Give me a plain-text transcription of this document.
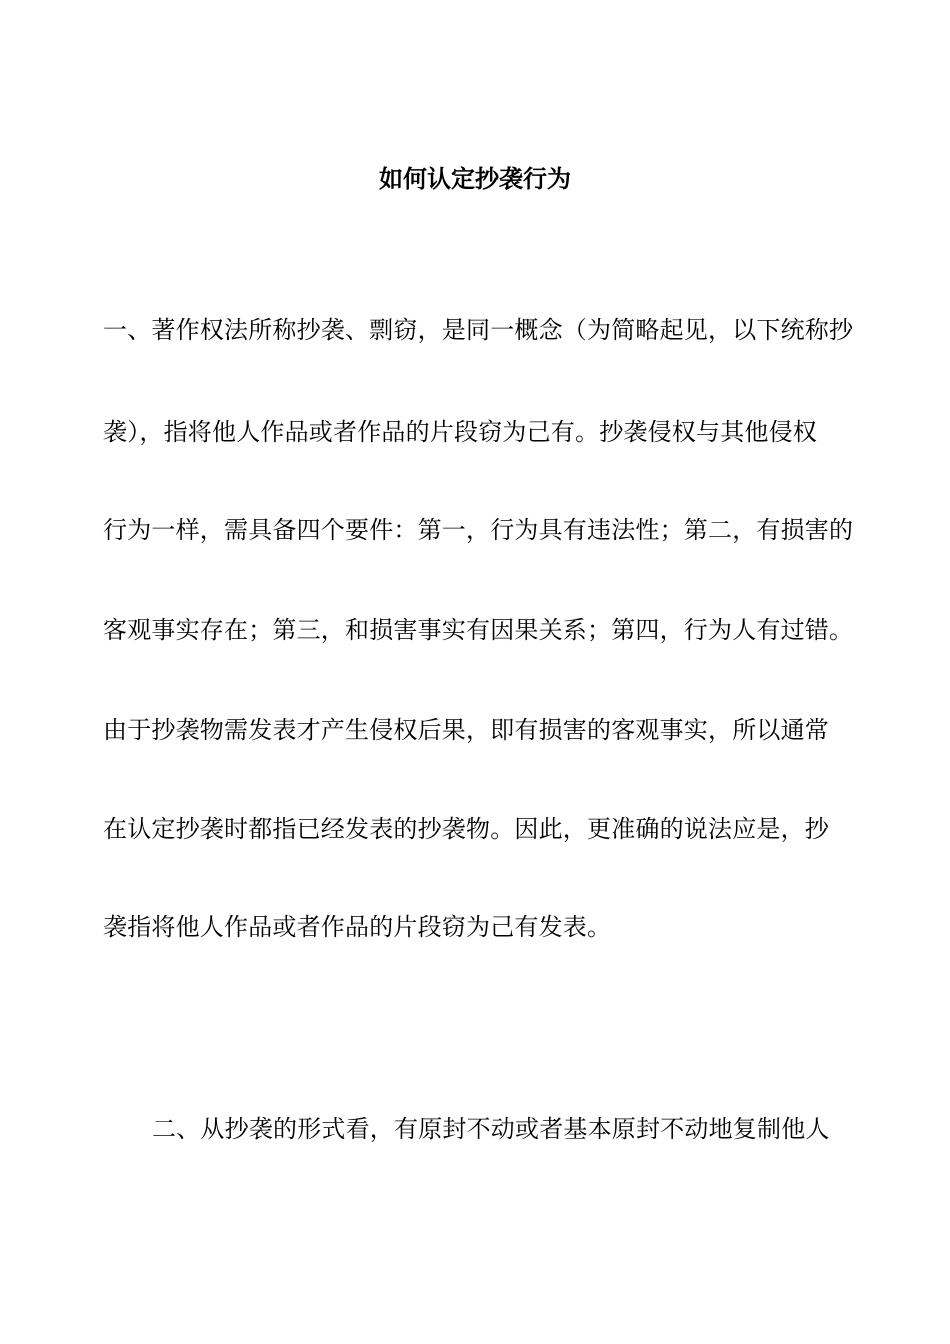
如何认定抄袭行为
一、著作权法所称抄袭、剽窃，是同一概念（为简略起见，以下统称抄
袭），指将他人作品或者作品的片段窃为己有。抄袭侵权与其他侵权
行为一样，需具备四个要件：第一，行为具有违法性；第二，有损害的
客观事实存在；第三，和损害事实有因果关系；第四，行为人有过错。
由于抄袭物需发表才产生侵权后果，即有损害的客观事实，所以通常
在认定抄袭时都指已经发表的抄袭物。因此，更准确的说法应是，抄
袭指将他人作品或者作品的片段窃为己有发表。
二、从抄袭的形式看，有原封不动或者基本原封不动地复制他人
